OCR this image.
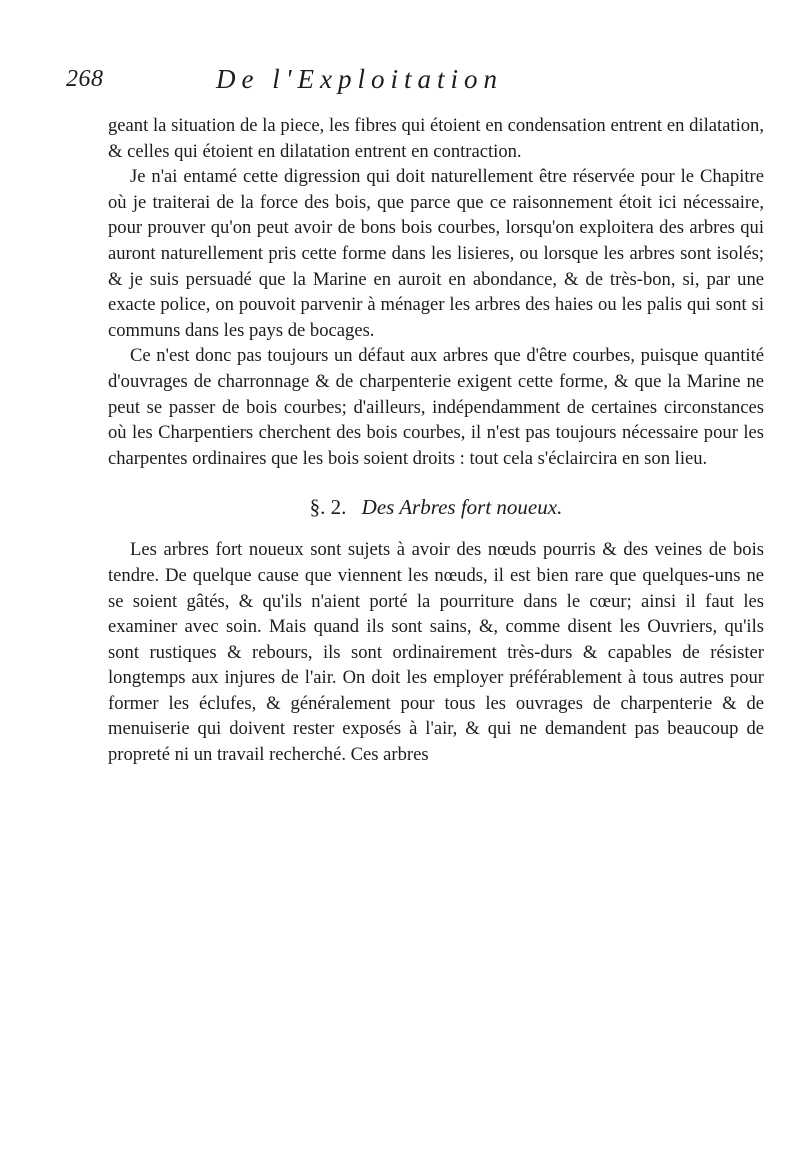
268	De l'Exploitation

geant la situation de la piece, les fibres qui étoient en condensation entrent en dilatation, & celles qui étoient en dilatation entrent en contraction.

Je n'ai entamé cette digression qui doit naturellement être réservée pour le Chapitre où je traiterai de la force des bois, que parce que ce raisonnement étoit ici nécessaire, pour prouver qu'on peut avoir de bons bois courbes, lorsqu'on exploitera des arbres qui auront naturellement pris cette forme dans les lisieres, ou lorsque les arbres sont isolés; & je suis persuadé que la Marine en auroit en abondance, & de très-bon, si, par une exacte police, on pouvoit parvenir à ménager les arbres des haies ou les palis qui sont si communs dans les pays de bocages.

Ce n'est donc pas toujours un défaut aux arbres que d'être courbes, puisque quantité d'ouvrages de charronnage & de charpenterie exigent cette forme, & que la Marine ne peut se passer de bois courbes; d'ailleurs, indépendamment de certaines circonstances où les Charpentiers cherchent des bois courbes, il n'est pas toujours nécessaire pour les charpentes ordinaires que les bois soient droits : tout cela s'éclaircira en son lieu.

§. 2. Des Arbres fort noueux.

Les arbres fort noueux sont sujets à avoir des nœuds pourris & des veines de bois tendre. De quelque cause que viennent les nœuds, il est bien rare que quelques-uns ne se soient gâtés, & qu'ils n'aient porté la pourriture dans le cœur; ainsi il faut les examiner avec soin. Mais quand ils sont sains, &, comme disent les Ouvriers, qu'ils sont rustiques & rebours, ils sont ordinairement très-durs & capables de résister longtemps aux injures de l'air. On doit les employer préférablement à tous autres pour former les éclufes, & généralement pour tous les ouvrages de charpenterie & de menuiserie qui doivent rester exposés à l'air, & qui ne demandent pas beaucoup de propreté ni un travail recherché. Ces arbres
